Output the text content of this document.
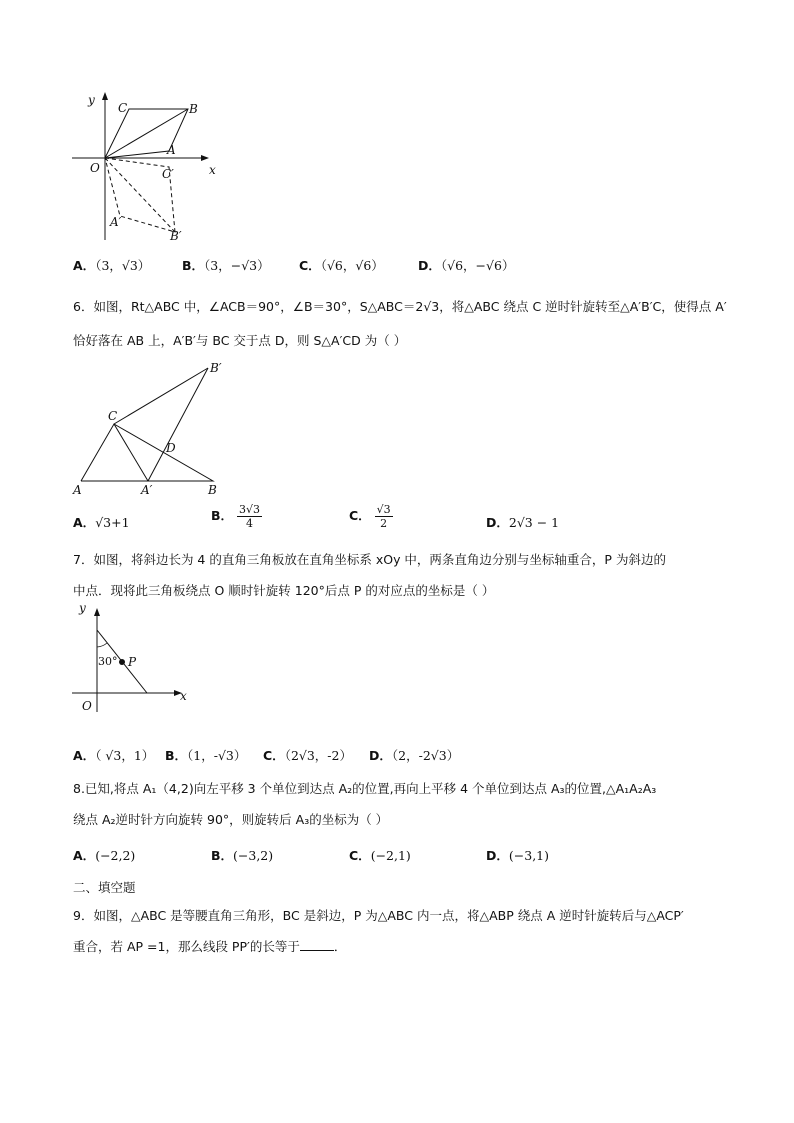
y
x
O
C	B
A
C′
A′
B′
A．（3，√3）	B．（3，−√3） C．（√6，√6）	D．（√6，−√6）
6．如图，Rt△ABC 中，∠ACB＝90°，∠B＝30°，S△ABC＝2√3，将△ABC 绕点 C 逆时针旋转至△A′B′C，使得点 A′
恰好落在 AB 上，A′B′与 BC 交于点 D，则 S△A′CD 为（ ）
A	B
C
D
A′
B′
A．√3+1	B． $\frac{3√3}{4}$	C． $\frac{√3}{2}$	D．2√3 − 1
7．如图，将斜边长为 4 的直角三角板放在直角坐标系 xOy 中，两条直角边分别与坐标轴重合，P 为斜边的
中点．现将此三角板绕点 O 顺时针旋转 120°后点 P 的对应点的坐标是（ ）
y
x
O
P
30°
A．（ √3，1） B．（1，-√3） C．（2√3，-2） D．（2，-2√3）
8.已知,将点 A₁（4,2)向左平移 3 个单位到达点 A₂的位置,再向上平移 4 个单位到达点 A₃的位置,△A₁A₂A₃
绕点 A₂逆时针方向旋转 90°，则旋转后 A₃的坐标为（ ）
A．(−2,2)	B．(−3,2)	C．(−2,1)	D．(−3,1)
二、填空题
9．如图，△ABC 是等腰直角三角形，BC 是斜边，P 为△ABC 内一点，将△ABP 绕点 A 逆时针旋转后与△ACP′
重合，若 AP =1，那么线段 PP′的长等于	．
